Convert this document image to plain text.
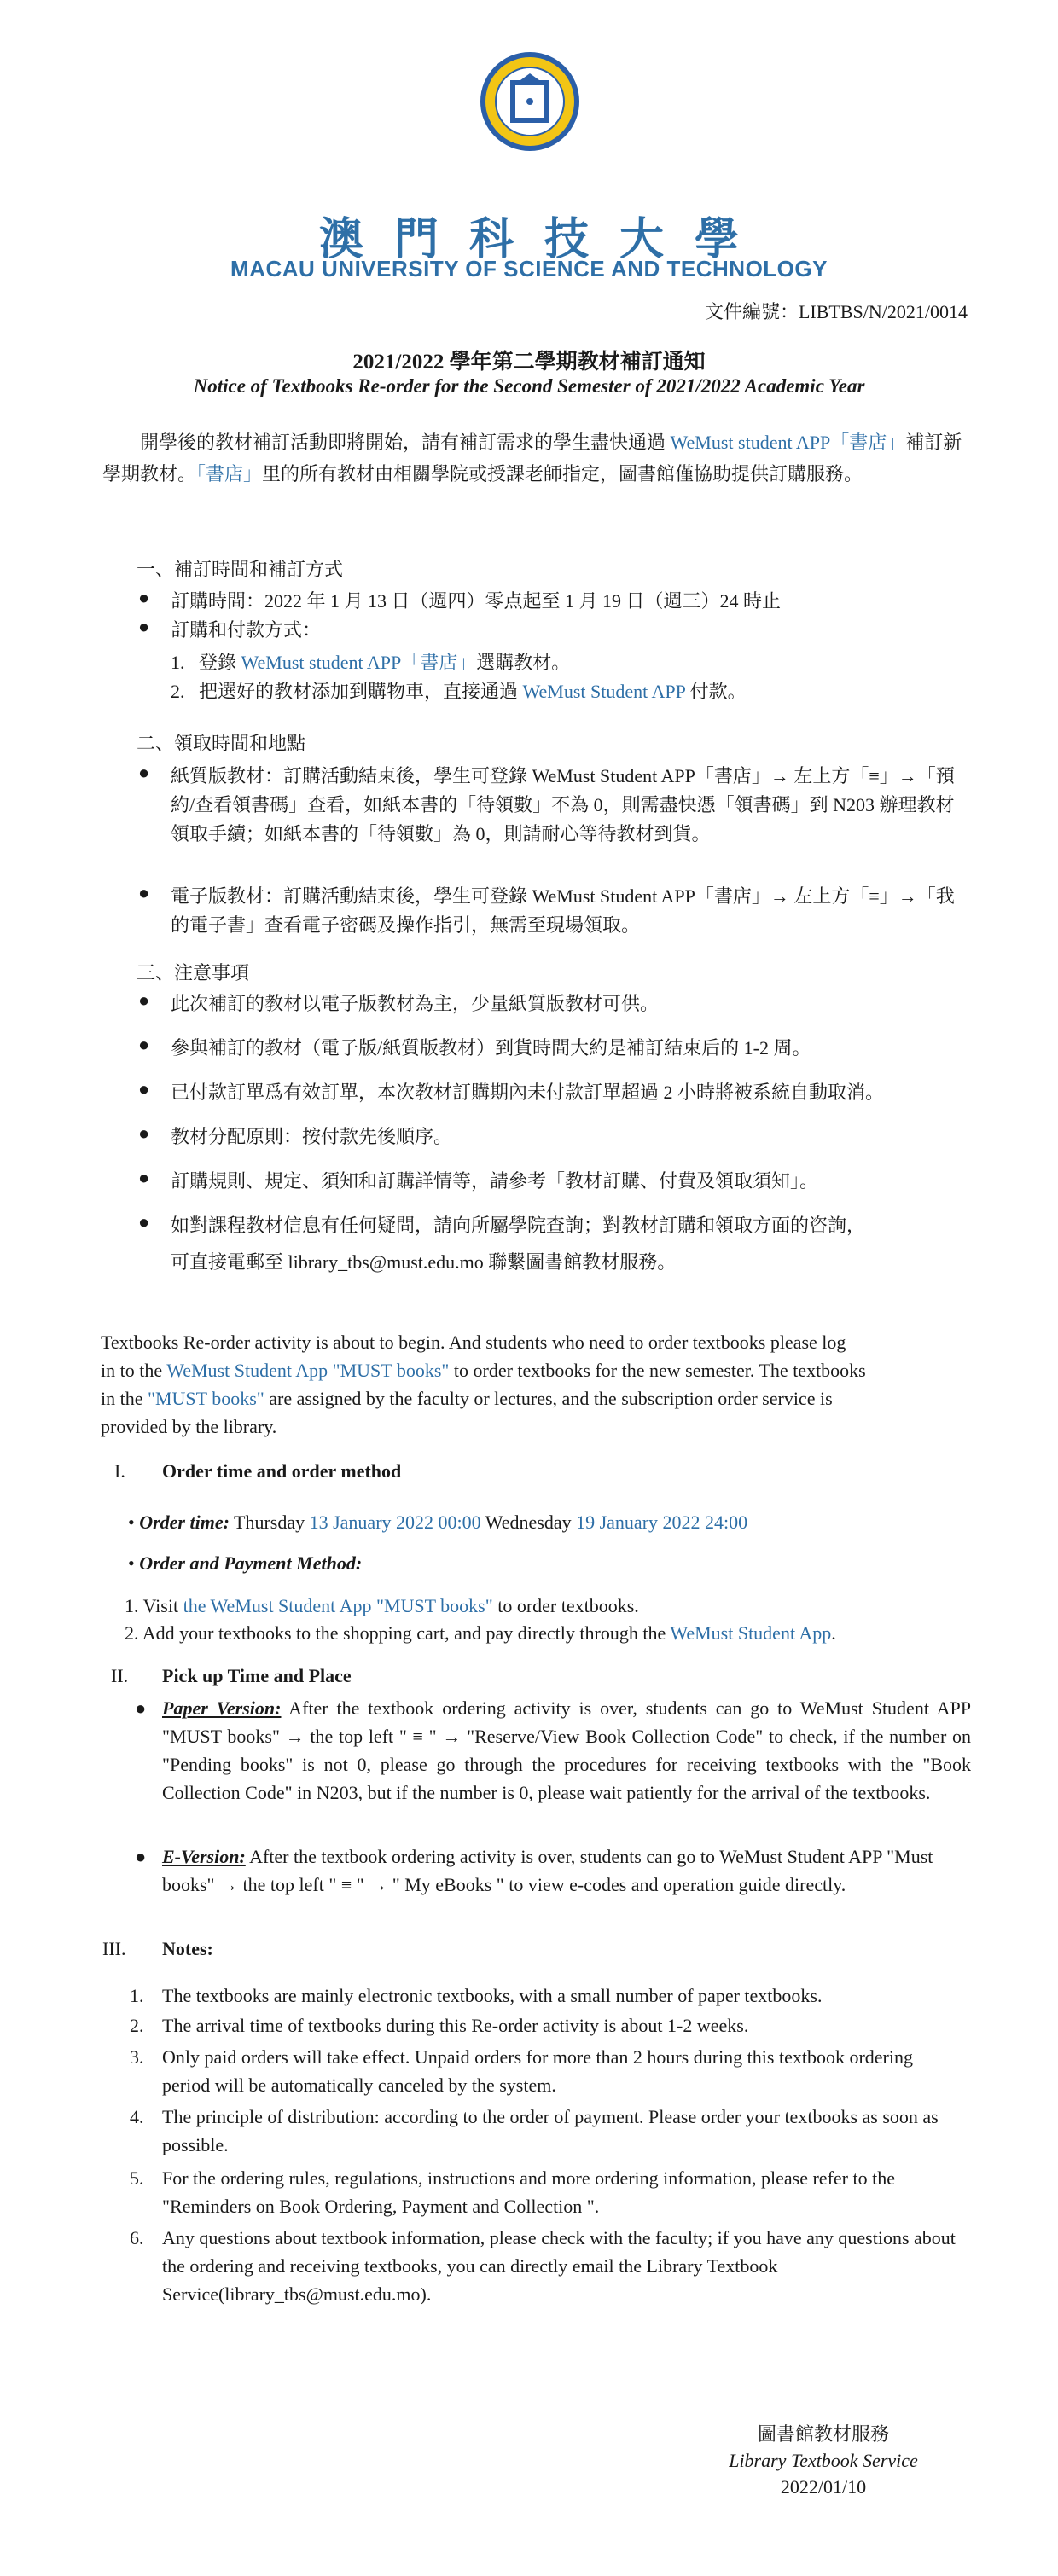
澳門科技大學
MACAU UNIVERSITY OF SCIENCE AND TECHNOLOGY
文件編號：LIBTBS/N/2021/0014
2021/2022 學年第二學期教材補訂通知
Notice of Textbooks Re-order for the Second Semester of 2021/2022 Academic Year
開學後的教材補訂活動即將開始，請有補訂需求的學生盡快通過 WeMust student APP「書店」補訂新學期教材。「書店」里的所有教材由相關學院或授課老師指定，圖書館僅協助提供訂購服務。
一、補訂時間和補訂方式
● 訂購時間：2022 年 1 月 13 日（週四）零点起至 1 月 19 日（週三）24 時止
● 訂購和付款方式：
1. 登錄 WeMust student APP「書店」選購教材。
2. 把選好的教材添加到購物車，直接通過 WeMust Student APP 付款。
二、領取時間和地點
● 紙質版教材：訂購活動結束後，學生可登錄 WeMust Student APP「書店」→ 左上方「≡」→「預約/查看領書碼」查看，如紙本書的「待領數」不為 0，則需盡快憑「領書碼」到 N203 辦理教材領取手續；如紙本書的「待領數」為 0，則請耐心等待教材到貨。
● 電子版教材：訂購活動結束後，學生可登錄 WeMust Student APP「書店」→ 左上方「≡」→「我的電子書」查看電子密碼及操作指引，無需至現場領取。
三、注意事項
● 此次補訂的教材以電子版教材為主，少量紙質版教材可供。
● 參與補訂的教材（電子版/紙質版教材）到貨時間大約是補訂結束后的 1-2 周。
● 已付款訂單爲有效訂單，本次教材訂購期內未付款訂單超過 2 小時將被系統自動取消。
● 教材分配原則：按付款先後順序。
● 訂購規則、規定、須知和訂購詳情等，請參考「教材訂購、付費及領取須知」。
● 如對課程教材信息有任何疑問，請向所屬學院查詢；對教材訂購和領取方面的咨詢，
可直接電郵至 library_tbs@must.edu.mo 聯繫圖書館教材服務。
Textbooks Re-order activity is about to begin. And students who need to order textbooks please log
in to the WeMust Student App "MUST books" to order textbooks for the new semester. The textbooks
in the "MUST books" are assigned by the faculty or lectures, and the subscription order service is
provided by the library.
I. Order time and order method
• Order time: Thursday 13 January 2022 00:00 Wednesday 19 January 2022 24:00
• Order and Payment Method:
1. Visit the WeMust Student App "MUST books" to order textbooks.
2. Add your textbooks to the shopping cart, and pay directly through the WeMust Student App.
II. Pick up Time and Place
● Paper Version: After the textbook ordering activity is over, students can go to WeMust Student APP "MUST books" → the top left " ≡ " → "Reserve/View Book Collection Code" to check, if the number on "Pending books" is not 0, please go through the procedures for receiving textbooks with the "Book Collection Code" in N203, but if the number is 0, please wait patiently for the arrival of the textbooks.
● E-Version: After the textbook ordering activity is over, students can go to WeMust Student APP "Must books" → the top left " ≡ " → " My eBooks " to view e-codes and operation guide directly.
III. Notes:
1. The textbooks are mainly electronic textbooks, with a small number of paper textbooks.
2. The arrival time of textbooks during this Re-order activity is about 1-2 weeks.
3. Only paid orders will take effect. Unpaid orders for more than 2 hours during this textbook ordering period will be automatically canceled by the system.
4. The principle of distribution: according to the order of payment. Please order your textbooks as soon as possible.
5. For the ordering rules, regulations, instructions and more ordering information, please refer to the "Reminders on Book Ordering, Payment and Collection ".
6. Any questions about textbook information, please check with the faculty; if you have any questions about the ordering and receiving textbooks, you can directly email the Library Textbook Service(library_tbs@must.edu.mo).
圖書館教材服務
Library Textbook Service
2022/01/10
